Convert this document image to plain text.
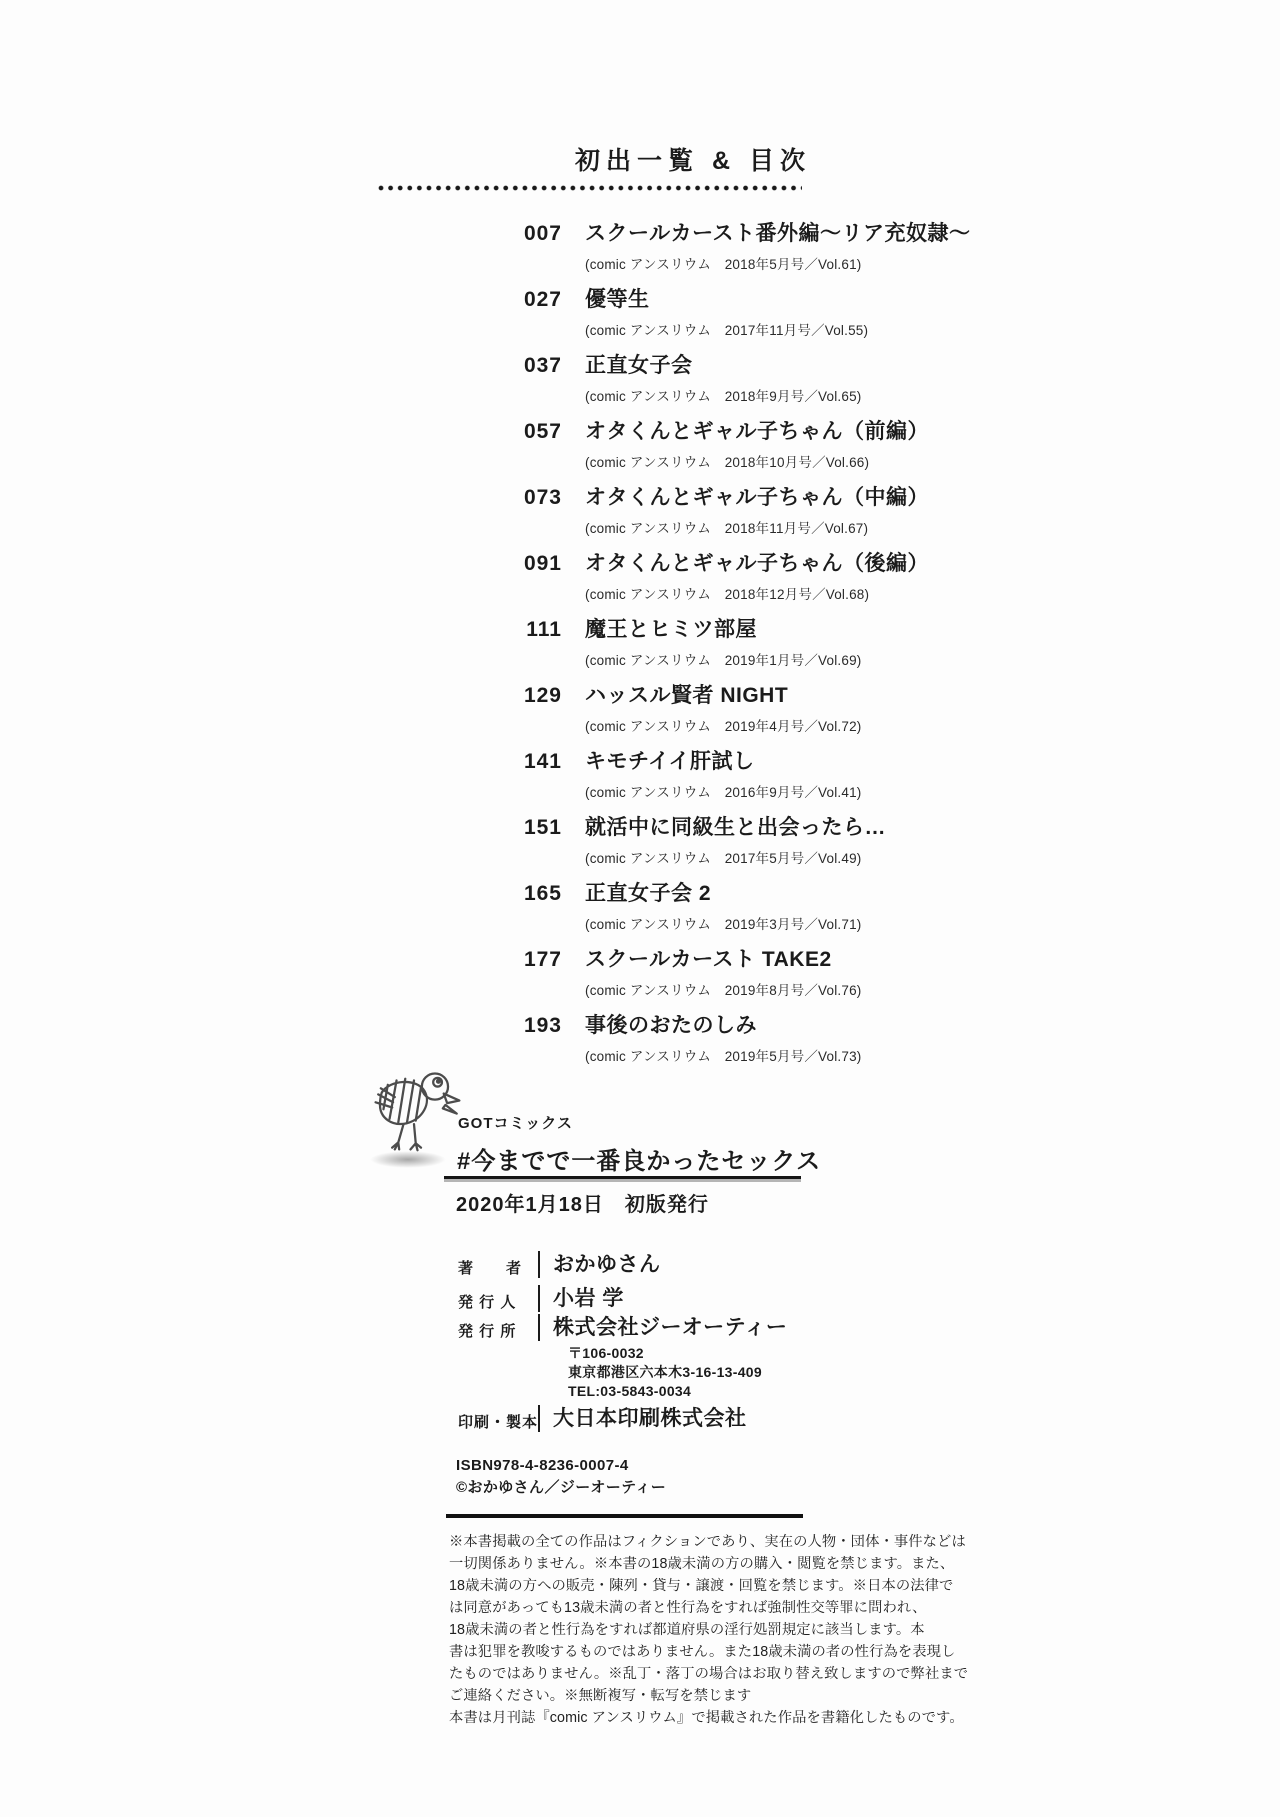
初出一覧 & 目次
007 スクールカースト番外編～リア充奴隷～
(comic アンスリウム　2018年5月号／Vol.61)
027 優等生
(comic アンスリウム　2017年11月号／Vol.55)
037 正直女子会
(comic アンスリウム　2018年9月号／Vol.65)
057 オタくんとギャル子ちゃん（前編）
(comic アンスリウム　2018年10月号／Vol.66)
073 オタくんとギャル子ちゃん（中編）
(comic アンスリウム　2018年11月号／Vol.67)
091 オタくんとギャル子ちゃん（後編）
(comic アンスリウム　2018年12月号／Vol.68)
111 魔王とヒミツ部屋
(comic アンスリウム　2019年1月号／Vol.69)
129 ハッスル賢者 NIGHT
(comic アンスリウム　2019年4月号／Vol.72)
141 キモチイイ肝試し
(comic アンスリウム　2016年9月号／Vol.41)
151 就活中に同級生と出会ったら…
(comic アンスリウム　2017年5月号／Vol.49)
165 正直女子会 2
(comic アンスリウム　2019年3月号／Vol.71)
177 スクールカースト TAKE2
(comic アンスリウム　2019年8月号／Vol.76)
193 事後のおたのしみ
(comic アンスリウム　2019年5月号／Vol.73)
GOTコミックス
#今までで一番良かったセックス
2020年1月18日　初版発行
著　　者	おかゆさん
発 行 人	小岩 学
発 行 所	株式会社ジーオーティー
〒106-0032
東京都港区六本木3-16-13-409
TEL:03-5843-0034
印刷・製本 大日本印刷株式会社
ISBN978-4-8236-0007-4
©おかゆさん／ジーオーティー
※本書掲載の全ての作品はフィクションであり、実在の人物・団体・事件などは
一切関係ありません。※本書の18歳未満の方の購入・閲覧を禁じます。また、
18歳未満の方への販売・陳列・貸与・譲渡・回覧を禁じます。※日本の法律で
は同意があっても13歳未満の者と性行為をすれば強制性交等罪に問われ、
18歳未満の者と性行為をすれば都道府県の淫行処罰規定に該当します。本
書は犯罪を教唆するものではありません。また18歳未満の者の性行為を表現し
たものではありません。※乱丁・落丁の場合はお取り替え致しますので弊社まで
ご連絡ください。※無断複写・転写を禁じます
本書は月刊誌『comic アンスリウム』で掲載された作品を書籍化したものです。
